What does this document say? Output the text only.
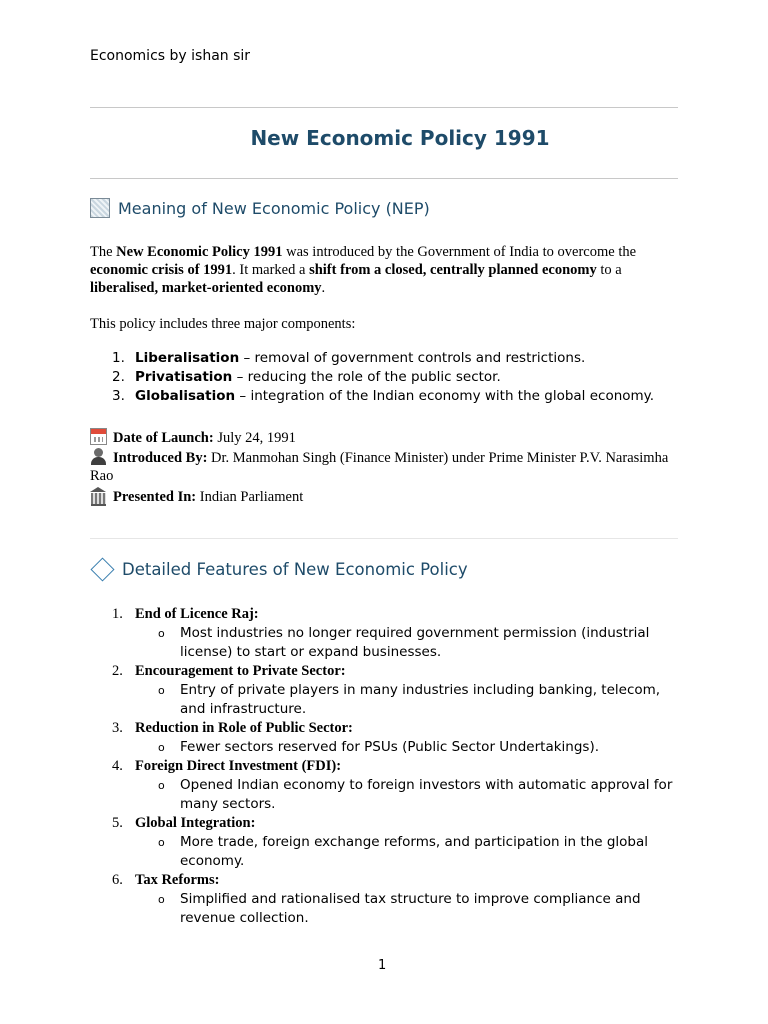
Economics by ishan sir
New Economic Policy 1991
Meaning of New Economic Policy (NEP)

The New Economic Policy 1991 was introduced by the Government of India to overcome the economic crisis of 1991. It marked a shift from a closed, centrally planned economy to a liberalised, market-oriented economy.

This policy includes three major components:

1. Liberalisation – removal of government controls and restrictions.
2. Privatisation – reducing the role of the public sector.
3. Globalisation – integration of the Indian economy with the global economy.
Date of Launch: July 24, 1991
Introduced By: Dr. Manmohan Singh (Finance Minister) under Prime Minister P.V. Narasimha Rao
Presented In: Indian Parliament
Detailed Features of New Economic Policy
1. End of Licence Raj:
o Most industries no longer required government permission (industrial license) to start or expand businesses.
2. Encouragement to Private Sector:
o Entry of private players in many industries including banking, telecom, and infrastructure.
3. Reduction in Role of Public Sector:
o Fewer sectors reserved for PSUs (Public Sector Undertakings).
4. Foreign Direct Investment (FDI):
o Opened Indian economy to foreign investors with automatic approval for many sectors.
5. Global Integration:
o More trade, foreign exchange reforms, and participation in the global economy.
6. Tax Reforms:
o Simplified and rationalised tax structure to improve compliance and revenue collection.
1
